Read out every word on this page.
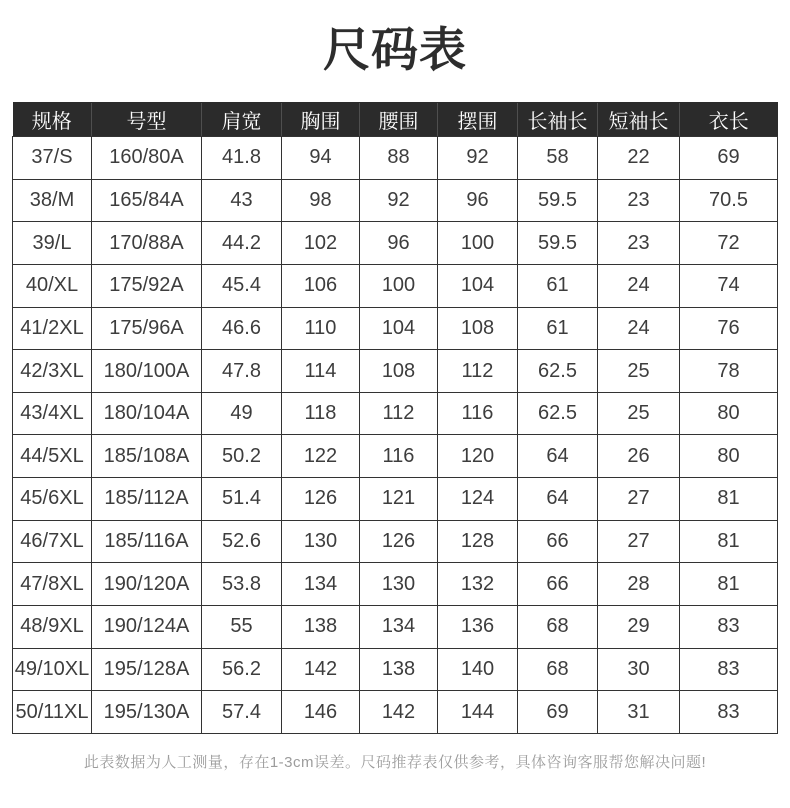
尺码表
规格	号型	肩宽	胸围	腰围	摆围	长袖长	短袖长	衣长
37/S	160/80A	41.8	94	88	92	58	22	69
38/M	165/84A	43	98	92	96	59.5	23	70.5
39/L	170/88A	44.2	102	96	100	59.5	23	72
40/XL	175/92A	45.4	106	100	104	61	24	74
41/2XL	175/96A	46.6	110	104	108	61	24	76
42/3XL	180/100A	47.8	114	108	112	62.5	25	78
43/4XL	180/104A	49	118	112	116	62.5	25	80
44/5XL	185/108A	50.2	122	116	120	64	26	80
45/6XL	185/112A	51.4	126	121	124	64	27	81
46/7XL	185/116A	52.6	130	126	128	66	27	81
47/8XL	190/120A	53.8	134	130	132	66	28	81
48/9XL	190/124A	55	138	134	136	68	29	83
49/10XL	195/128A	56.2	142	138	140	68	30	83
50/11XL	195/130A	57.4	146	142	144	69	31	83

此表数据为人工测量，存在1-3cm误差。尺码推荐表仅供参考，具体咨询客服帮您解决问题!
